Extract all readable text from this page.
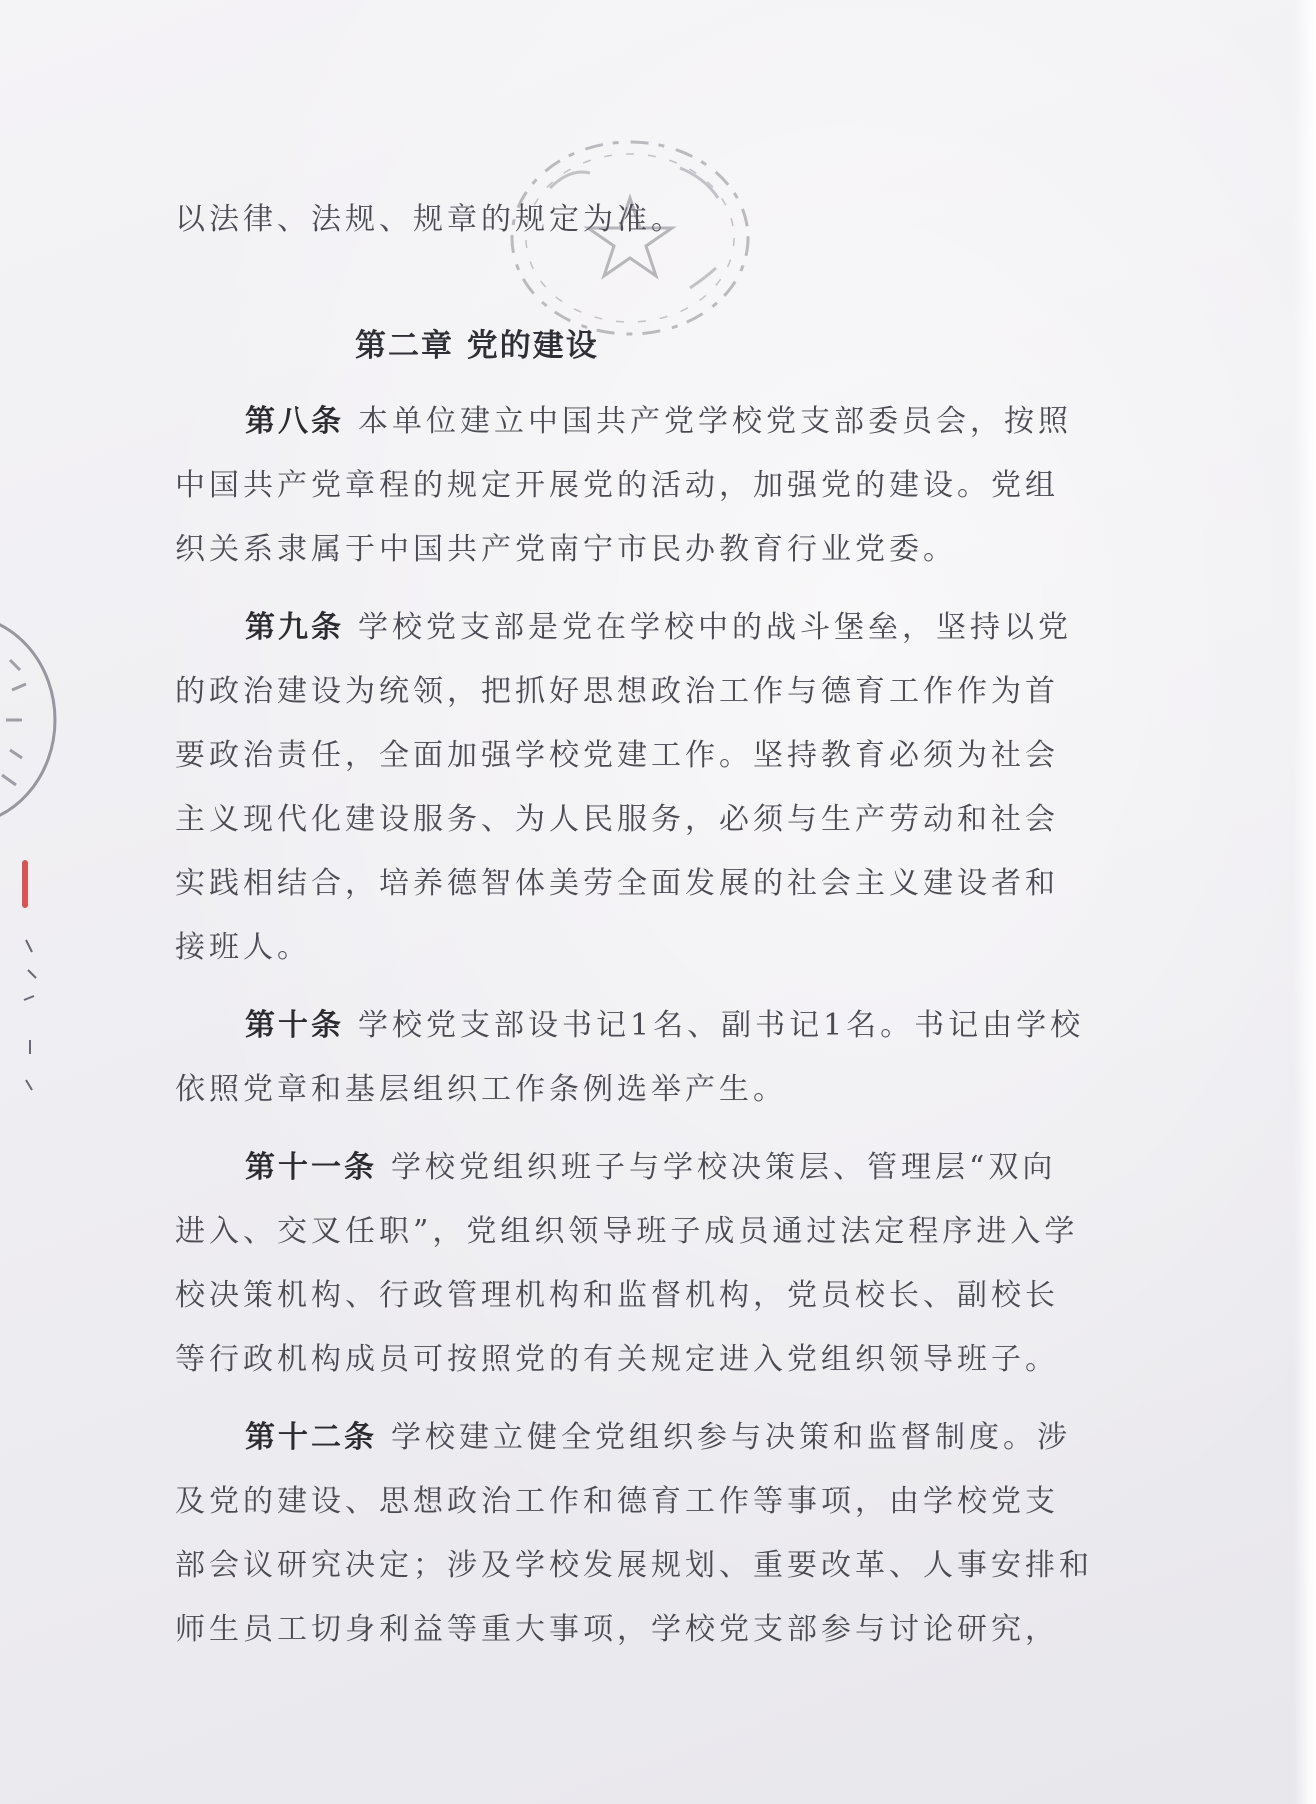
以法律、法规、规章的规定为准。
第二章 党的建设
第八条 本单位建立中国共产党学校党支部委员会，按照
中国共产党章程的规定开展党的活动，加强党的建设。党组
织关系隶属于中国共产党南宁市民办教育行业党委。
第九条 学校党支部是党在学校中的战斗堡垒，坚持以党
的政治建设为统领，把抓好思想政治工作与德育工作作为首
要政治责任，全面加强学校党建工作。坚持教育必须为社会
主义现代化建设服务、为人民服务，必须与生产劳动和社会
实践相结合，培养德智体美劳全面发展的社会主义建设者和
接班人。
第十条 学校党支部设书记1名、副书记1名。书记由学校
依照党章和基层组织工作条例选举产生。
第十一条 学校党组织班子与学校决策层、管理层“双向
进入、交叉任职”，党组织领导班子成员通过法定程序进入学
校决策机构、行政管理机构和监督机构，党员校长、副校长
等行政机构成员可按照党的有关规定进入党组织领导班子。
第十二条 学校建立健全党组织参与决策和监督制度。涉
及党的建设、思想政治工作和德育工作等事项，由学校党支
部会议研究决定；涉及学校发展规划、重要改革、人事安排和
师生员工切身利益等重大事项，学校党支部参与讨论研究，
